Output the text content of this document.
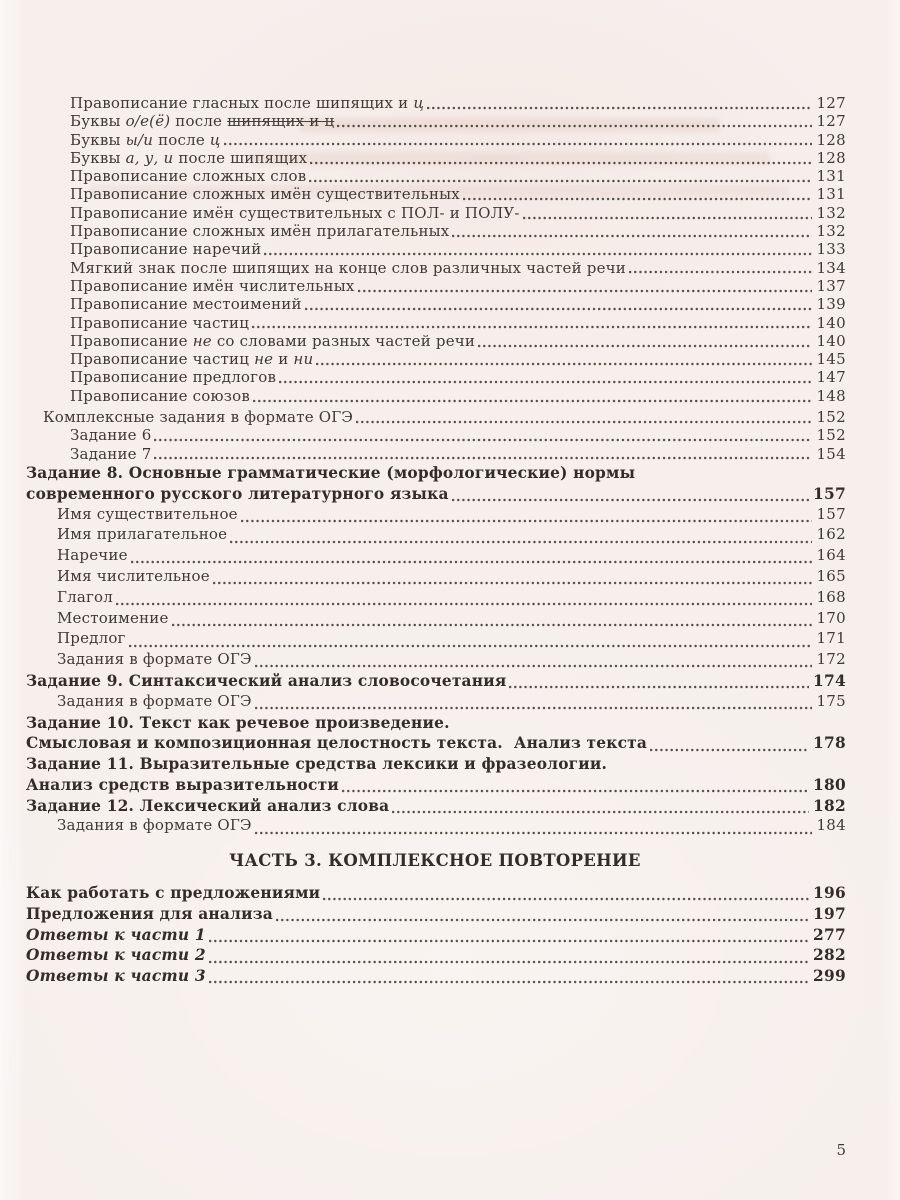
Правописание гласных после шипящих и ц	127
Буквы о/е(ё) после шипящих и ц	127
Буквы ы/и после ц	128
Буквы а, у, и после шипящих	128
Правописание сложных слов	131
Правописание сложных имён существительных	131
Правописание имён существительных с ПОЛ- и ПОЛУ-	132
Правописание сложных имён прилагательных	132
Правописание наречий	133
Мягкий знак после шипящих на конце слов различных частей речи	134
Правописание имён числительных	137
Правописание местоимений	139
Правописание частиц	140
Правописание не со словами разных частей речи	140
Правописание частиц не и ни	145
Правописание предлогов	147
Правописание союзов	148
Комплексные задания в формате ОГЭ	152
Задание 6	152
Задание 7	154
Задание 8. Основные грамматические (морфологические) нормы
современного русского литературного языка	157
Имя существительное	157
Имя прилагательное	162
Наречие	164
Имя числительное	165
Глагол	168
Местоимение	170
Предлог	171
Задания в формате ОГЭ	172
Задание 9. Синтаксический анализ словосочетания	174
Задания в формате ОГЭ	175
Задание 10. Текст как речевое произведение.
Смысловая и композиционная целостность текста.  Анализ текста	178
Задание 11. Выразительные средства лексики и фразеологии.
Анализ средств выразительности	180
Задание 12. Лексический анализ слова	182
Задания в формате ОГЭ	184
ЧАСТЬ 3. КОМПЛЕКСНОЕ ПОВТОРЕНИЕ
Как работать с предложениями	196
Предложения для анализа	197
Ответы к части 1	277
Ответы к части 2	282
Ответы к части 3	299
5
